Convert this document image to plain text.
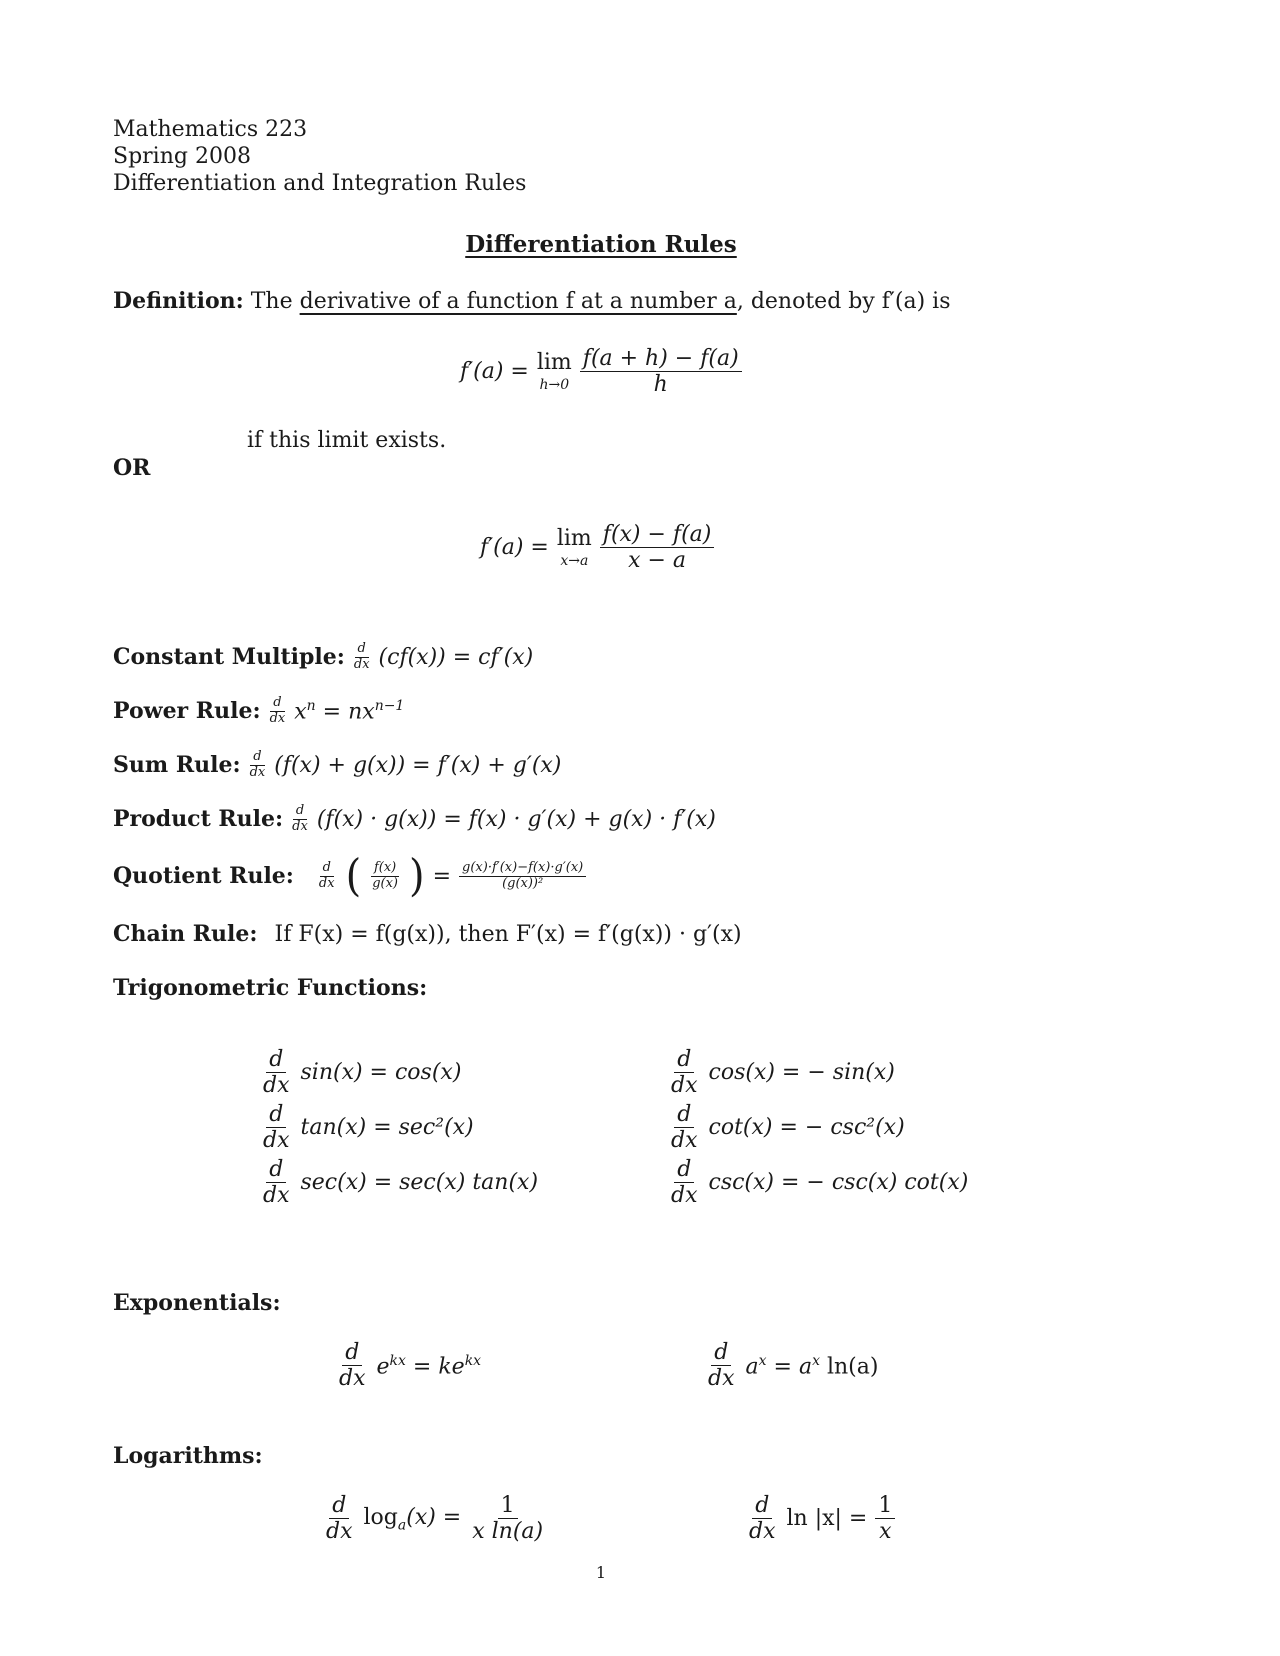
Mathematics 223
Spring 2008
Differentiation and Integration Rules
Differentiation Rules
Definition: The derivative of a function f at a number a, denoted by f′(a) is
f′(a) = lim
$h\to 0 \frac{f(a + h) - f(a)}{h}$
if this limit exists.
OR
f′(a) = lim
$x\to a \frac{f(x) - f(a)}{x - a}$
Constant Multiple: $\frac{d}{dx} (cf(x)) = cf'(x)$
Power Rule: $\frac{d}{dx} x^n = nx^{n-1}$
Sum Rule: $\frac{d}{dx} (f(x) + g(x)) = f'(x) + g'(x)$
Product Rule: $\frac{d}{dx} (f(x) \cdot g(x)) = f(x) \cdot g'(x) + g(x) \cdot f'(x)$
Quotient Rule: $\frac{d}{dx}$ ( $\frac{f(x)}{g(x)}$ ) = $\frac{g(x)\cdot f'(x)-f(x)\cdot g'(x)}{\text{(g(x))²}}$
Chain Rule: If F(x) = f(g(x)), then F′(x) = f′(g(x)) · g′(x)
Trigonometric Functions:
$\frac{d}{dx} \sin(x) = \cos(x)$
$\frac{d}{dx} \tan(x) = \sec^2(x)$
$\frac{d}{dx} \sec(x) = \sec(x)$ tan(x)
$\frac{d}{dx} \cos(x)$ = − sin(x)
$\frac{d}{dx} \cot(x)$ = − csc²(x)
$\frac{d}{dx} \csc(x)$ = − csc(x) cot(x)
Exponentials:
$\frac{d}{dx} e^{kx} = ke^{kx}$	$\frac{d}{dx} a^x = a^x$ ln(a)
Logarithms:
$\frac{d}{dx} \log_a(x) = \frac{1}{\text{x ln(a)}}$	$\frac{d}{dx}$ $\ln |x| = \frac{1}{x}$
1
